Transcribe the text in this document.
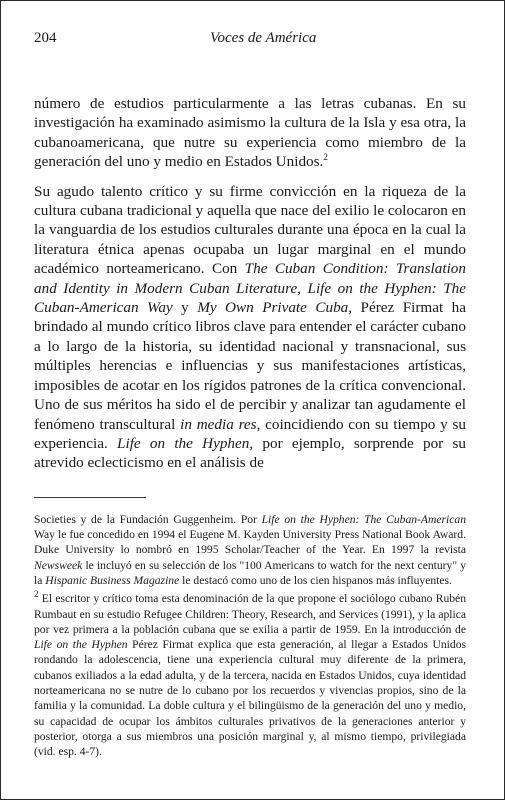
204	Voces de América

número de estudios particularmente a las letras cubanas. En su investigación ha examinado asimismo la cultura de la Isla y esa otra, la cubanoamericana, que nutre su experiencia como miembro de la generación del uno y medio en Estados Unidos.$^2$

Su agudo talento crítico y su firme convicción en la riqueza de la cultura cubana tradicional y aquella que nace del exilio le colocaron en la vanguardia de los estudios culturales durante una época en la cual la literatura étnica apenas ocupaba un lugar marginal en el mundo académico norteamericano. Con The Cuban Condition: Translation and Identity in Modern Cuban Literature, Life on the Hyphen: The Cuban-American Way y My Own Private Cuba, Pérez Firmat ha brindado al mundo crítico libros clave para entender el carácter cubano a lo largo de la historia, su identidad nacional y transnacional, sus múltiples herencias e influencias y sus manifestaciones artísticas, imposibles de acotar en los rígidos patrones de la crítica convencional. Uno de sus méritos ha sido el de percibir y analizar tan agudamente el fenómeno transcultural in media res, coincidiendo con su tiempo y su experiencia. Life on the Hyphen, por ejemplo, sorprende por su atrevido eclecticismo en el análisis de

Societies y de la Fundación Guggenheim. Por Life on the Hyphen: The Cuban-American Way le fue concedido en 1994 el Eugene M. Kayden University Press National Book Award. Duke University lo nombró en 1995 Scholar/Teacher of the Year. En 1997 la revista Newsweek le incluyó en su selección de los "100 Americans to watch for the next century" y la Hispanic Business Magazine le destacó como uno de los cien hispanos más influyentes.

$^2$ El escritor y crítico toma esta denominación de la que propone el sociólogo cubano Rubén Rumbaut en su estudio Refugee Children: Theory, Research, and Services (1991), y la aplica por vez primera a la población cubana que se exilia a partir de 1959. En la introducción de Life on the Hyphen Pérez Firmat explica que esta generación, al llegar a Estados Unidos rondando la adolescencia, tiene una experiencia cultural muy diferente de la primera, cubanos exiliados a la edad adulta, y de la tercera, nacida en Estados Unidos, cuya identidad norteamericana no se nutre de lo cubano por los recuerdos y vivencias propios, sino de la familia y la comunidad. La doble cultura y el bilingüismo de la generación del uno y medio, su capacidad de ocupar los ámbitos culturales privativos de la generaciones anterior y posterior, otorga a sus miembros una posición marginal y, al mismo tiempo, privilegiada (vid. esp. 4-7).
